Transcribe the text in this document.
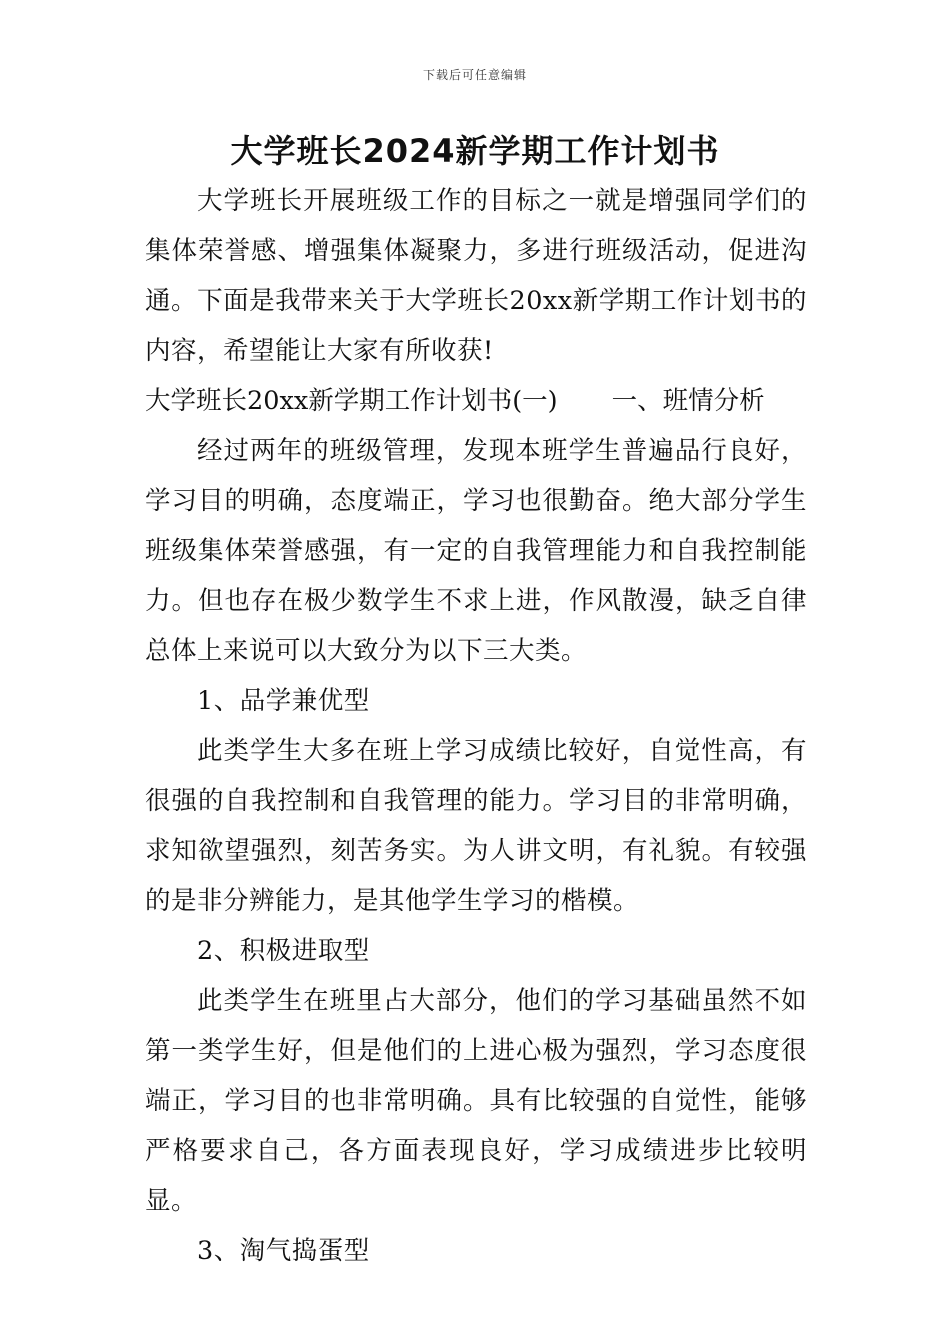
下载后可任意编辑
大学班长2024新学期工作计划书

大学班长开展班级工作的目标之一就是增强同学们的集体荣誉感、增强集体凝聚力，多进行班级活动，促进沟通。下面是我带来关于大学班长20xx新学期工作计划书的内容，希望能让大家有所收获!

大学班长20xx新学期工作计划书(一) 一、班情分析

经过两年的班级管理，发现本班学生普遍品行良好，学习目的明确，态度端正，学习也很勤奋。绝大部分学生班级集体荣誉感强，有一定的自我管理能力和自我控制能力。但也存在极少数学生不求上进，作风散漫，缺乏自律总体上来说可以大致分为以下三大类。

1、品学兼优型

此类学生大多在班上学习成绩比较好，自觉性高，有很强的自我控制和自我管理的能力。学习目的非常明确，求知欲望强烈，刻苦务实。为人讲文明，有礼貌。有较强的是非分辨能力，是其他学生学习的楷模。

2、积极进取型

此类学生在班里占大部分，他们的学习基础虽然不如第一类学生好，但是他们的上进心极为强烈，学习态度很端正，学习目的也非常明确。具有比较强的自觉性，能够严格要求自己，各方面表现良好，学习成绩进步比较明显。

3、淘气捣蛋型
